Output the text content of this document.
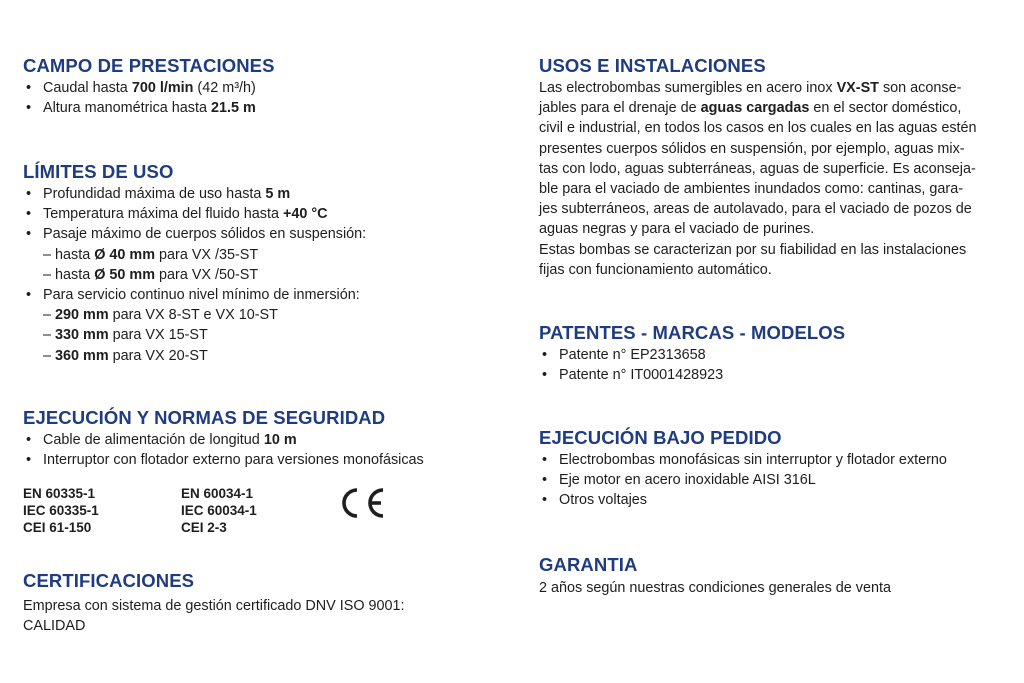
CAMPO DE PRESTACIONES
• Caudal hasta 700 l/min (42 m³/h)
• Altura manométrica hasta 21.5 m
LÍMITES DE USO
• Profundidad máxima de uso hasta 5 m
• Temperatura máxima del fluido hasta +40 °C
• Pasaje máximo de cuerpos sólidos en suspensión:
– hasta Ø 40 mm para VX /35-ST
– hasta Ø 50 mm para VX /50-ST
• Para servicio continuo nivel mínimo de inmersión:
– 290 mm para VX 8-ST e VX 10-ST
– 330 mm para VX 15-ST
– 360 mm para VX 20-ST
EJECUCIÓN Y NORMAS DE SEGURIDAD
• Cable de alimentación de longitud 10 m
• Interruptor con flotador externo para versiones monofásicas
EN 60335-1
IEC 60335-1
CEI 61-150
EN 60034-1
IEC 60034-1
CEI 2-3
CERTIFICACIONES
Empresa con sistema de gestión certificado DNV ISO 9001:
CALIDAD
USOS E INSTALACIONES
Las electrobombas sumergibles en acero inox VX-ST son aconse-
jables para el drenaje de aguas cargadas en el sector doméstico,
civil e industrial, en todos los casos en los cuales en las aguas estén
presentes cuerpos sólidos en suspensión, por ejemplo, aguas mix-
tas con lodo, aguas subterráneas, aguas de superficie. Es aconseja-
ble para el vaciado de ambientes inundados como: cantinas, gara-
jes subterráneos, areas de autolavado, para el vaciado de pozos de
aguas negras y para el vaciado de purines.
Estas bombas se caracterizan por su fiabilidad en las instalaciones
fijas con funcionamiento automático.
PATENTES - MARCAS - MODELOS
• Patente n° EP2313658
• Patente n° IT0001428923
EJECUCIÓN BAJO PEDIDO
• Electrobombas monofásicas sin interruptor y flotador externo
• Eje motor en acero inoxidable AISI 316L
• Otros voltajes
GARANTIA
2 años según nuestras condiciones generales de venta
